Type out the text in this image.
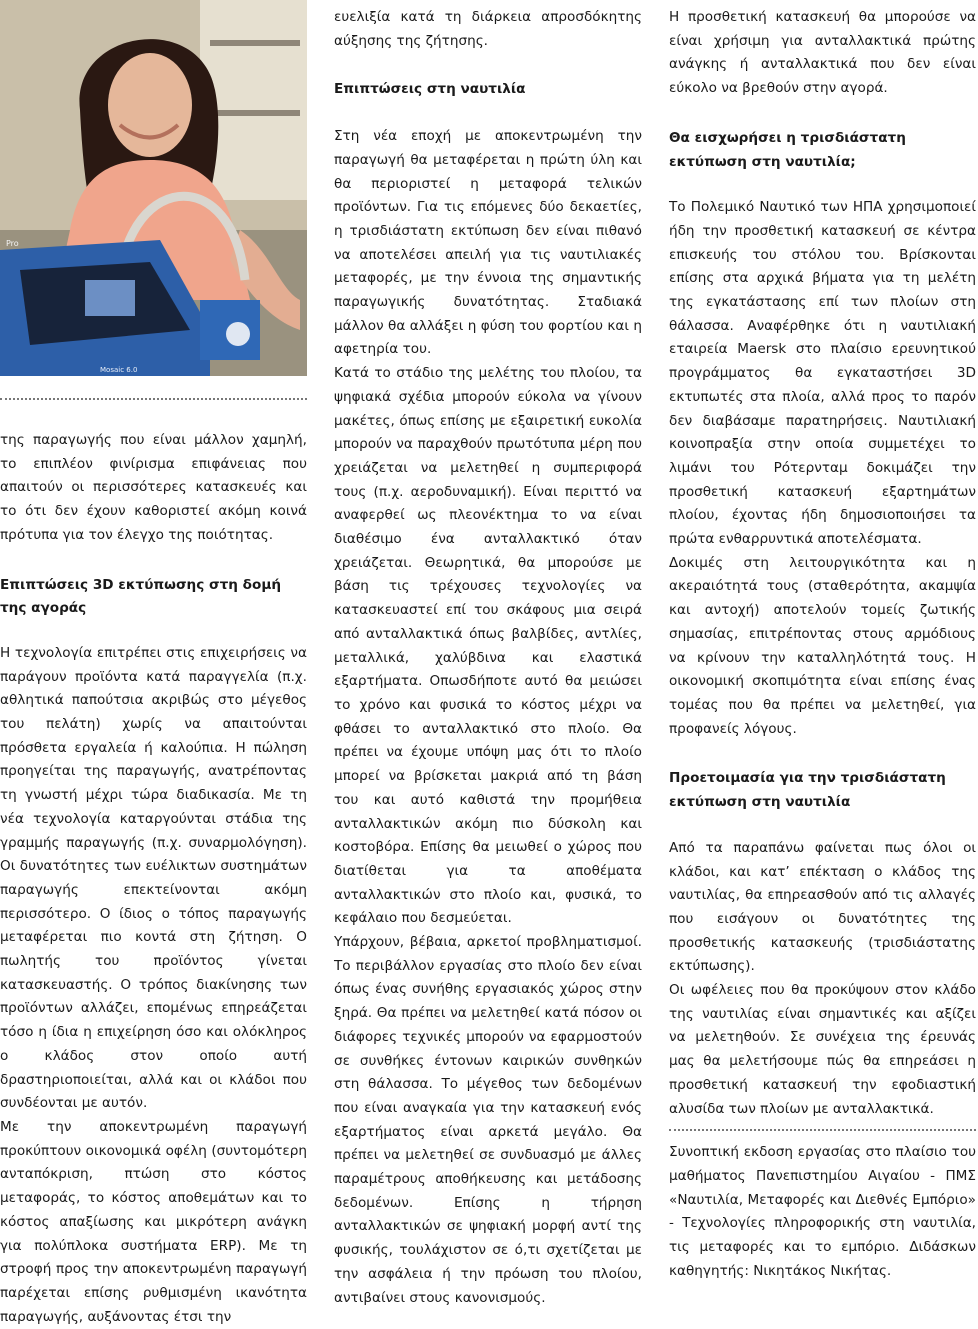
Mosaic 6.0
Pro

της παραγωγής που είναι μάλλον χαμηλή, το επιπλέον φινίρισμα επιφάνειας που απαιτούν οι περισσότερες κατασκευές και το ότι δεν έχουν καθοριστεί ακόμη κοινά πρότυπα για τον έλεγχο της ποιότητας.

Επιπτώσεις 3D εκτύπωσης στη δομή της αγοράς

Η τεχνολογία επιτρέπει στις επιχειρήσεις να παράγουν προϊόντα κατά παραγγελία (π.χ. αθλητικά παπούτσια ακριβώς στο μέγεθος του πελάτη) χωρίς να απαιτούνται πρόσθετα εργαλεία ή καλούπια. Η πώληση προηγείται της παραγωγής, ανατρέποντας τη γνωστή μέχρι τώρα διαδικασία. Με τη νέα τεχνολογία καταργούνται στάδια της γραμμής παραγωγής (π.χ. συναρμολόγηση). Οι δυνατότητες των ευέλικτων συστημάτων παραγωγής επεκτείνονται ακόμη περισσότερο. Ο ίδιος ο τόπος παραγωγής μεταφέρεται πιο κοντά στη ζήτηση. Ο πωλητής του προϊόντος γίνεται κατασκευαστής. Ο τρόπος διακίνησης των προϊόντων αλλάζει, επομένως επηρεάζεται τόσο η ίδια η επιχείρηση όσο και ολόκληρος ο κλάδος στον οποίο αυτή δραστηριοποιείται, αλλά και οι κλάδοι που συνδέονται με αυτόν.

Με την αποκεντρωμένη παραγωγή προκύπτουν οικονομικά οφέλη (συντομότερη ανταπόκριση, πτώση στο κόστος μεταφοράς, το κόστος αποθεμάτων και το κόστος απαξίωσης και μικρότερη ανάγκη για πολύπλοκα συστήματα ERP). Με τη στροφή προς την αποκεντρωμένη παραγωγή παρέχεται επίσης ρυθμισμένη ικανότητα παραγωγής, αυξάνοντας έτσι την

ευελιξία κατά τη διάρκεια απροσδόκητης αύξησης της ζήτησης.

Επιπτώσεις στη ναυτιλία

Στη νέα εποχή με αποκεντρωμένη την παραγωγή θα μεταφέρεται η πρώτη ύλη και θα περιοριστεί η μεταφορά τελικών προϊόντων. Για τις επόμενες δύο δεκαετίες, η τρισδιάστατη εκτύπωση δεν είναι πιθανό να αποτελέσει απειλή για τις ναυτιλιακές μεταφορές, με την έννοια της σημαντικής παραγωγικής δυνατότητας. Σταδιακά μάλλον θα αλλάξει η φύση του φορτίου και η αφετηρία του.

Κατά το στάδιο της μελέτης του πλοίου, τα ψηφιακά σχέδια μπορούν εύκολα να γίνουν μακέτες, όπως επίσης με εξαιρετική ευκολία μπορούν να παραχθούν πρωτότυπα μέρη που χρειάζεται να μελετηθεί η συμπεριφορά τους (π.χ. αεροδυναμική). Είναι περιττό να αναφερθεί ως πλεονέκτημα το να είναι διαθέσιμο ένα ανταλλακτικό όταν χρειάζεται. Θεωρητικά, θα μπορούσε με βάση τις τρέχουσες τεχνολογίες να κατασκευαστεί επί του σκάφους μια σειρά από ανταλλακτικά όπως βαλβίδες, αντλίες, μεταλλικά, χαλύβδινα και ελαστικά εξαρτήματα. Οπωσδήποτε αυτό θα μειώσει το χρόνο και φυσικά το κόστος μέχρι να φθάσει το ανταλλακτικό στο πλοίο. Θα πρέπει να έχουμε υπόψη μας ότι το πλοίο μπορεί να βρίσκεται μακριά από τη βάση του και αυτό καθιστά την προμήθεια ανταλλακτικών ακόμη πιο δύσκολη και κοστοβόρα. Επίσης θα μειωθεί ο χώρος που διατίθεται για τα αποθέματα ανταλλακτικών στο πλοίο και, φυσικά, το κεφάλαιο που δεσμεύεται.

Υπάρχουν, βέβαια, αρκετοί προβληματισμοί. Το περιβάλλον εργασίας στο πλοίο δεν είναι όπως ένας συνήθης εργασιακός χώρος στην ξηρά. Θα πρέπει να μελετηθεί κατά πόσον οι διάφορες τεχνικές μπορούν να εφαρμοστούν σε συνθήκες έντονων καιρικών συνθηκών στη θάλασσα. Το μέγεθος των δεδομένων που είναι αναγκαία για την κατασκευή ενός εξαρτήματος είναι αρκετά μεγάλο. Θα πρέπει να μελετηθεί σε συνδυασμό με άλλες παραμέτρους αποθήκευσης και μετάδοσης δεδομένων. Επίσης η τήρηση ανταλλακτικών σε ψηφιακή μορφή αντί της φυσικής, τουλάχιστον σε ό,τι σχετίζεται με την ασφάλεια ή την πρόωση του πλοίου, αντιβαίνει στους κανονισμούς.

Η προσθετική κατασκευή θα μπορούσε να είναι χρήσιμη για ανταλλακτικά πρώτης ανάγκης ή ανταλλακτικά που δεν είναι εύκολο να βρεθούν στην αγορά.

Θα εισχωρήσει η τρισδιάστατη εκτύπωση στη ναυτιλία;

Το Πολεμικό Ναυτικό των ΗΠΑ χρησιμοποιεί ήδη την προσθετική κατασκευή σε κέντρα επισκευής του στόλου του. Βρίσκονται επίσης στα αρχικά βήματα για τη μελέτη της εγκατάστασης επί των πλοίων στη θάλασσα. Αναφέρθηκε ότι η ναυτιλιακή εταιρεία Maersk στο πλαίσιο ερευνητικού προγράμματος θα εγκαταστήσει 3D εκτυπωτές στα πλοία, αλλά προς το παρόν δεν διαβάσαμε παρατηρήσεις. Ναυτιλιακή κοινοπραξία στην οποία συμμετέχει το λιμάνι του Ρότερνταμ δοκιμάζει την προσθετική κατασκευή εξαρτημάτων πλοίου, έχοντας ήδη δημοσιοποιήσει τα πρώτα ενθαρρυντικά αποτελέσματα.

Δοκιμές στη λειτουργικότητα και η ακεραιότητά τους (σταθερότητα, ακαμψία και αντοχή) αποτελούν τομείς ζωτικής σημασίας, επιτρέποντας στους αρμόδιους να κρίνουν την καταλληλότητά τους. Η οικονομική σκοπιμότητα είναι επίσης ένας τομέας που θα πρέπει να μελετηθεί, για προφανείς λόγους.

Προετοιμασία για την τρισδιάστατη εκτύπωση στη ναυτιλία

Από τα παραπάνω φαίνεται πως όλοι οι κλάδοι, και κατ’ επέκταση ο κλάδος της ναυτιλίας, θα επηρεασθούν από τις αλλαγές που εισάγουν οι δυνατότητες της προσθετικής κατασκευής (τρισδιάστατης εκτύπωσης).

Οι ωφέλειες που θα προκύψουν στον κλάδο της ναυτιλίας είναι σημαντικές και αξίζει να μελετηθούν. Σε συνέχεια της έρευνάς μας θα μελετήσουμε πώς θα επηρεάσει η προσθετική κατασκευή την εφοδιαστική αλυσίδα των πλοίων με ανταλλακτικά.

Συνοπτική εκδοση εργασίας στο πλαίσιο του μαθήματος Πανεπιστημίου Αιγαίου - ΠΜΣ «Ναυτιλία, Μεταφορές και Διεθνές Εμπόριο» - Τεχνολογίες πληροφορικής στη ναυτιλία, τις μεταφορές και το εμπόριο. Διδάσκων καθηγητής: Νικητάκος Νικήτας.
